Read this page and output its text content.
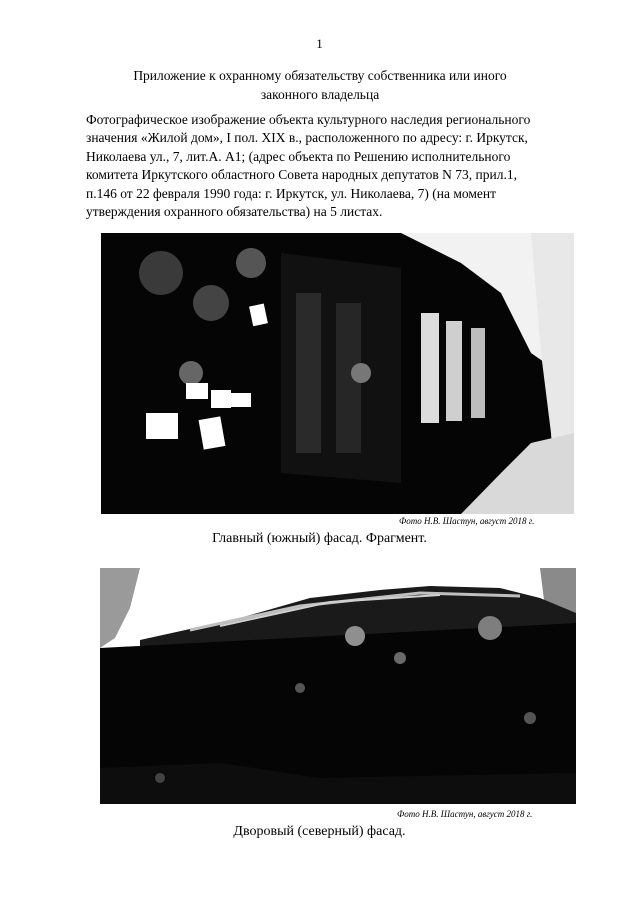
1
Приложение к охранному обязательству собственника или иного
законного владельца
Фотографическое изображение объекта культурного наследия регионального
значения «Жилой дом», I пол. XIX в., расположенного по адресу: г. Иркутск,
Николаева ул., 7, лит.А. А1; (адрес объекта по Решению исполнительного
комитета Иркутского областного Совета народных депутатов N 73, прил.1,
п.146 от 22 февраля 1990 года: г. Иркутск, ул. Николаева, 7) (на момент
утверждения охранного обязательства) на 5 листах.
Фото Н.В. Шастун, август 2018 г.
Главный (южный) фасад. Фрагмент.
Фото Н.В. Шастун, август 2018 г.
Дворовый (северный) фасад.
